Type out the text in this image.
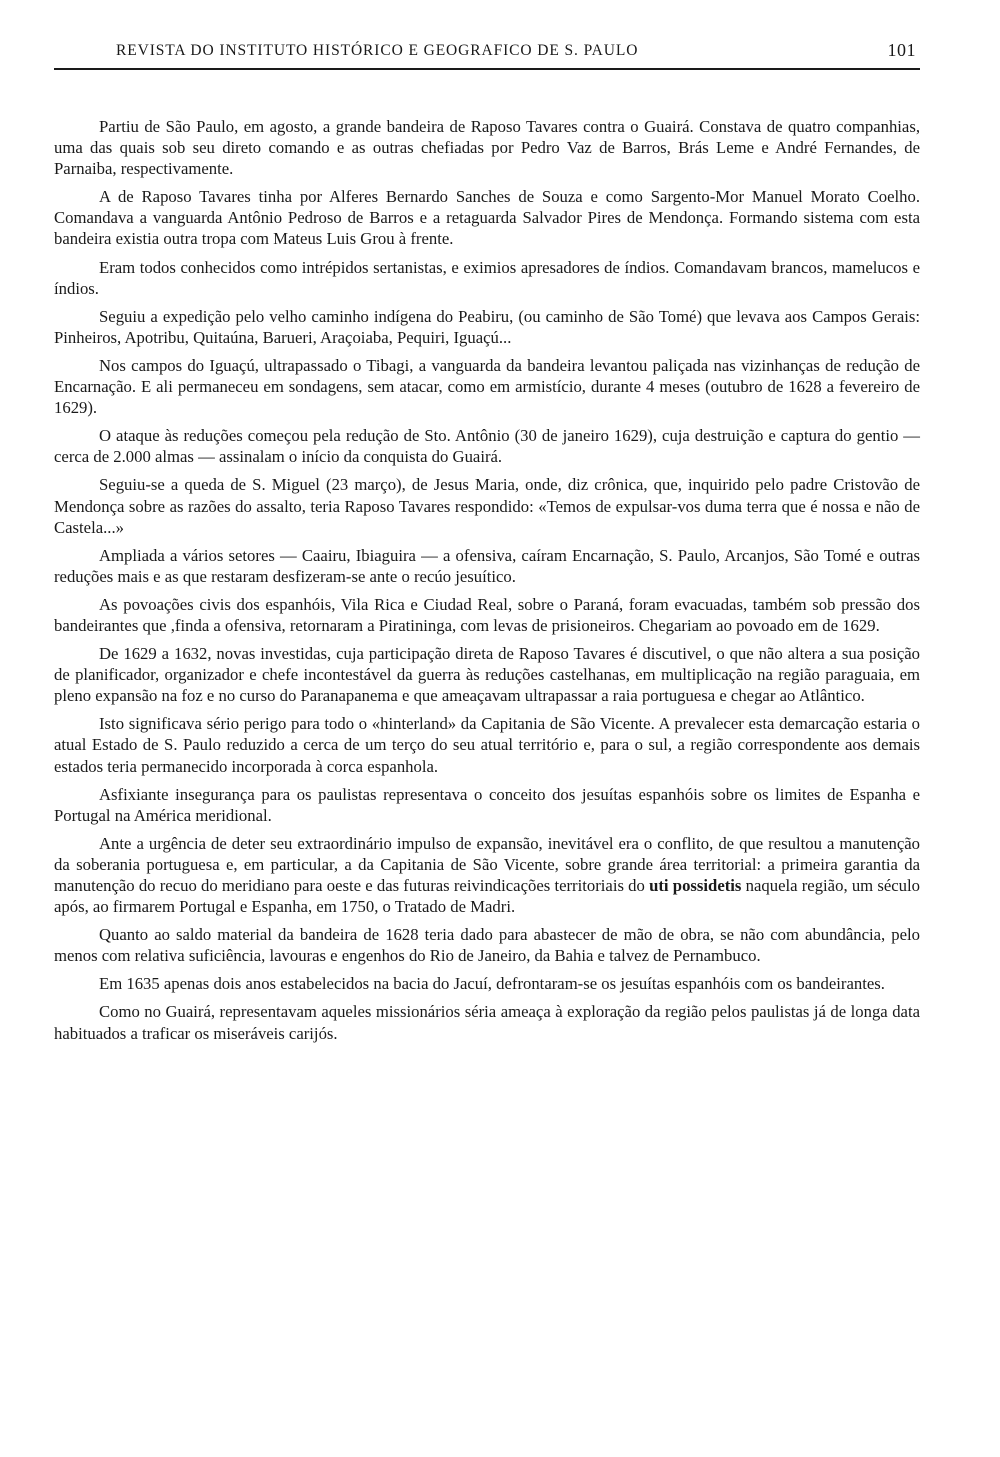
REVISTA DO INSTITUTO HISTÓRICO E GEOGRAFICO DE S. PAULO	101

Partiu de São Paulo, em agosto, a grande bandeira de Raposo Tavares contra o Guairá. Constava de quatro companhias, uma das quais sob seu direto comando e as outras chefiadas por Pedro Vaz de Barros, Brás Leme e André Fernandes, de Parnaiba, respectivamente.

A de Raposo Tavares tinha por Alferes Bernardo Sanches de Souza e como Sargento-Mor Manuel Morato Coelho. Comandava a vanguarda Antônio Pedroso de Barros e a retaguarda Salvador Pires de Mendonça. Formando sistema com esta bandeira existia outra tropa com Mateus Luis Grou à frente.

Eram todos conhecidos como intrépidos sertanistas, e eximios apresadores de índios. Comandavam brancos, mamelucos e índios.

Seguiu a expedição pelo velho caminho indígena do Peabiru, (ou caminho de São Tomé) que levava aos Campos Gerais: Pinheiros, Apotribu, Quitaúna, Barueri, Araçoiaba, Pequiri, Iguaçú...

Nos campos do Iguaçú, ultrapassado o Tibagi, a vanguarda da bandeira levantou paliçada nas vizinhanças de redução de Encarnação. E ali permaneceu em sondagens, sem atacar, como em armistício, durante 4 meses (outubro de 1628 a fevereiro de 1629).

O ataque às reduções começou pela redução de Sto. Antônio (30 de janeiro 1629), cuja destruição e captura do gentio — cerca de 2.000 almas — assinalam o início da conquista do Guairá.

Seguiu-se a queda de S. Miguel (23 março), de Jesus Maria, onde, diz crônica, que, inquirido pelo padre Cristovão de Mendonça sobre as razões do assalto, teria Raposo Tavares respondido: «Temos de expulsar-vos duma terra que é nossa e não de Castela...»

Ampliada a vários setores — Caairu, Ibiaguira — a ofensiva, caíram Encarnação, S. Paulo, Arcanjos, São Tomé e outras reduções mais e as que restaram desfizeram-se ante o recúo jesuítico.

As povoações civis dos espanhóis, Vila Rica e Ciudad Real, sobre o Paraná, foram evacuadas, também sob pressão dos bandeirantes que ,finda a ofensiva, retornaram a Piratininga, com levas de prisioneiros. Chegariam ao povoado em de 1629.

De 1629 a 1632, novas investidas, cuja participação direta de Raposo Tavares é discutivel, o que não altera a sua posição de planificador, organizador e chefe incontestável da guerra às reduções castelhanas, em multiplicação na região paraguaia, em pleno expansão na foz e no curso do Paranapanema e que ameaçavam ultrapassar a raia portuguesa e chegar ao Atlântico.

Isto significava sério perigo para todo o «hinterland» da Capitania de São Vicente. A prevalecer esta demarcação estaria o atual Estado de S. Paulo reduzido a cerca de um terço do seu atual território e, para o sul, a região correspondente aos demais estados teria permanecido incorporada à corca espanhola.

Asfixiante insegurança para os paulistas representava o conceito dos jesuítas espanhóis sobre os limites de Espanha e Portugal na América meridional.

Ante a urgência de deter seu extraordinário impulso de expansão, inevitável era o conflito, de que resultou a manutenção da soberania portuguesa e, em particular, a da Capitania de São Vicente, sobre grande área territorial: a primeira garantia da manutenção do recuo do meridiano para oeste e das futuras reivindicações territoriais do uti possidetis naquela região, um século após, ao firmarem Portugal e Espanha, em 1750, o Tratado de Madri.

Quanto ao saldo material da bandeira de 1628 teria dado para abastecer de mão de obra, se não com abundância, pelo menos com relativa suficiência, lavouras e engenhos do Rio de Janeiro, da Bahia e talvez de Pernambuco.

Em 1635 apenas dois anos estabelecidos na bacia do Jacuí, defrontaram-se os jesuítas espanhóis com os bandeirantes.

Como no Guairá, representavam aqueles missionários séria ameaça à exploração da região pelos paulistas já de longa data habituados a traficar os miseráveis carijós.
